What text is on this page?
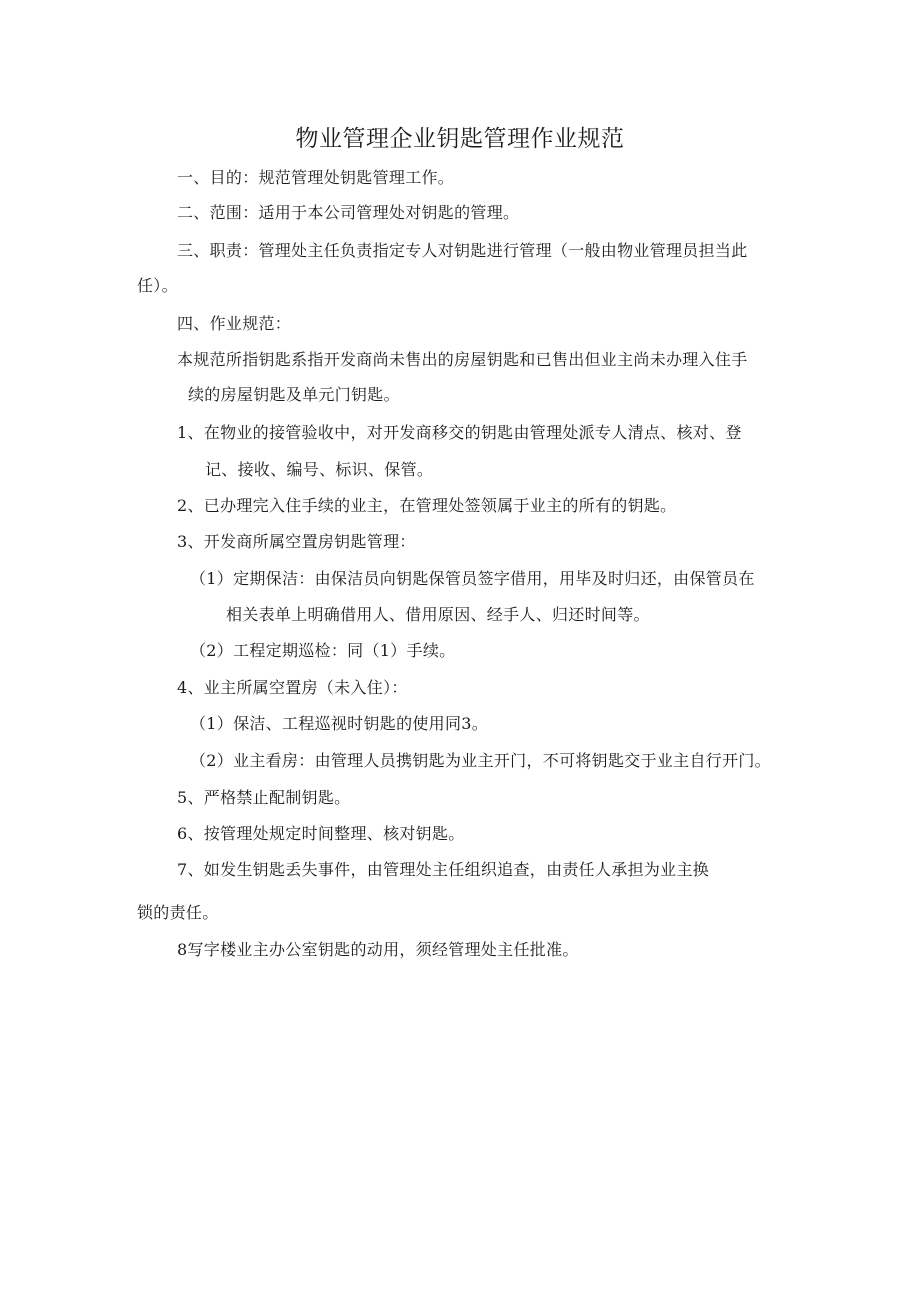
物业管理企业钥匙管理作业规范

一、目的：规范管理处钥匙管理工作。

二、范围：适用于本公司管理处对钥匙的管理。

三、职责：管理处主任负责指定专人对钥匙进行管理（一般由物业管理员担当此

任）。

四、作业规范：

本规范所指钥匙系指开发商尚未售出的房屋钥匙和已售出但业主尚未办理入住手

续的房屋钥匙及单元门钥匙。

1、在物业的接管验收中，对开发商移交的钥匙由管理处派专人清点、核对、登

记、接收、编号、标识、保管。

2、已办理完入住手续的业主，在管理处签领属于业主的所有的钥匙。

3、开发商所属空置房钥匙管理：

（1）定期保洁：由保洁员向钥匙保管员签字借用，用毕及时归还，由保管员在

相关表单上明确借用人、借用原因、经手人、归还时间等。

（2）工程定期巡检：同（1）手续。

4、业主所属空置房（未入住）：

（1）保洁、工程巡视时钥匙的使用同3。

（2）业主看房：由管理人员携钥匙为业主开门，不可将钥匙交于业主自行开门。

5、严格禁止配制钥匙。

6、按管理处规定时间整理、核对钥匙。

7、如发生钥匙丢失事件，由管理处主任组织追查，由责任人承担为业主换

锁的责任。

8写字楼业主办公室钥匙的动用，须经管理处主任批准。
